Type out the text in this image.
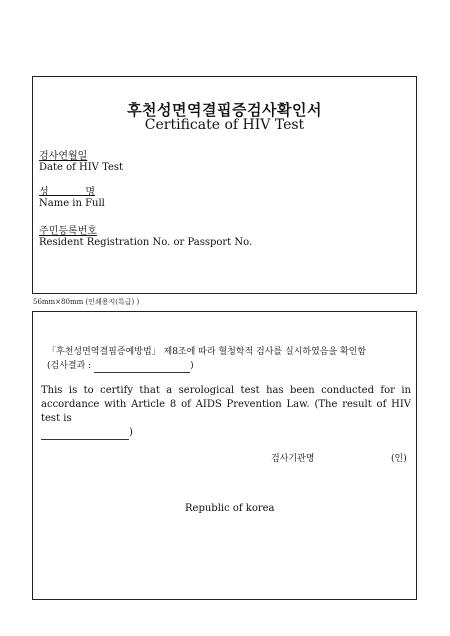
후천성면역결핍증검사확인서
Certificate of HIV Test
검사연월일
Date of HIV Test
성	명
Name in Full
주민등록번호
Resident Registration No. or Passport No.
56mm×80mm (인쇄용지(특급) )
「후천성면역결핍증예방법」 제8조에 따라 혈청학적 검사를 실시하였음을 확인함
(검사결과 :	)
This is to certify that a serological test has been conducted for in accordance with Article 8 of AIDS Prevention Law. (The result of HIV test is
)
검사기관명	(인)
Republic of korea
